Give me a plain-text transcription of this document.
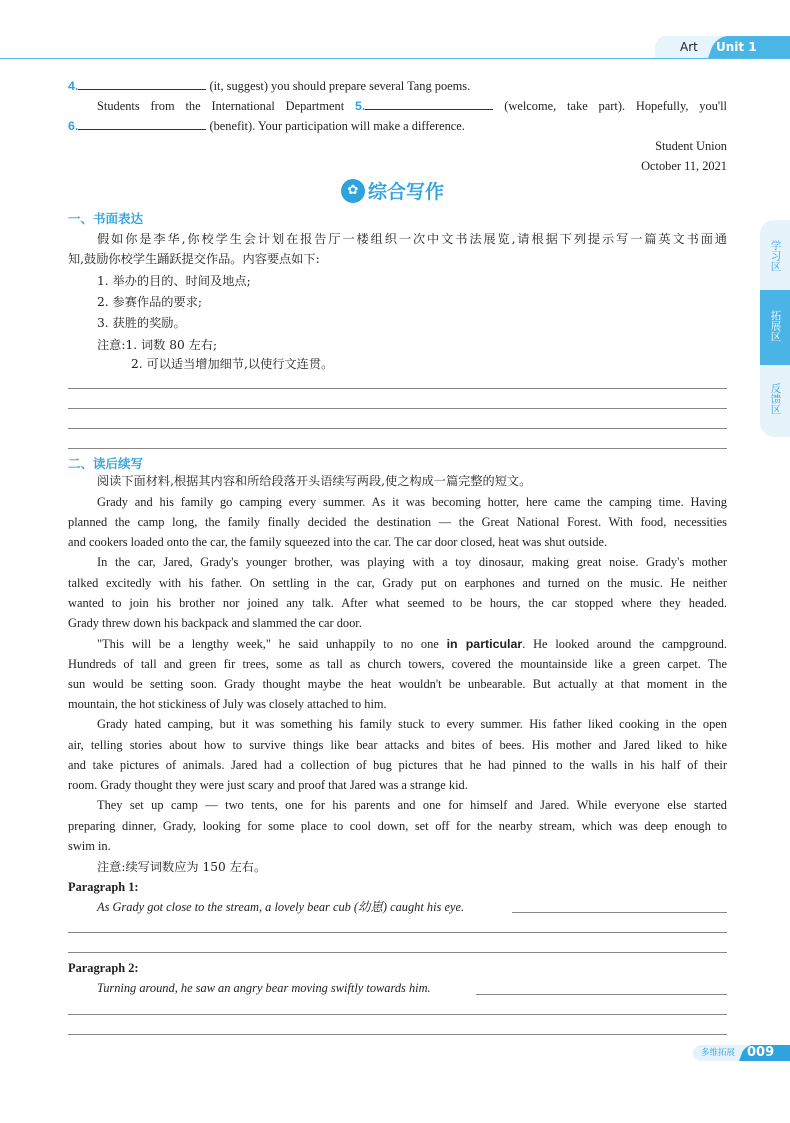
Art Unit 1
学习区
拓展区
反馈区
4.	(it, suggest) you should prepare several Tang poems.
Students from the International Department 5.	(welcome, take part). Hopefully, you'll
6.	(benefit). Your participation will make a difference.
Student Union
October 11, 2021
✿ 综合写作
一、书面表达
假如你是李华,你校学生会计划在报告厅一楼组织一次中文书法展览,请根据下列提示写一篇英文书面通
知,鼓励你校学生踊跃提交作品。内容要点如下:
1. 举办的目的、时间及地点;
2. 参赛作品的要求;
3. 获胜的奖励。
注意:1. 词数 80 左右;
2. 可以适当增加细节,以使行文连贯。
二、读后续写
阅读下面材料,根据其内容和所给段落开头语续写两段,使之构成一篇完整的短文。
Grady and his family go camping every summer. As it was becoming hotter, here came the camping time. Having
planned the camp long, the family finally decided the destination — the Great National Forest. With food, necessities
and cookers loaded onto the car, the family squeezed into the car. The car door closed, heat was shut outside.
In the car, Jared, Grady's younger brother, was playing with a toy dinosaur, making great noise. Grady's mother
talked excitedly with his father. On settling in the car, Grady put on earphones and turned on the music. He neither
wanted to join his brother nor joined any talk. After what seemed to be hours, the car stopped where they headed.
Grady threw down his backpack and slammed the car door.
"This will be a lengthy week," he said unhappily to no one in particular. He looked around the campground.
Hundreds of tall and green fir trees, some as tall as church towers, covered the mountainside like a green carpet. The
sun would be setting soon. Grady thought maybe the heat wouldn't be unbearable. But actually at that moment in the
mountain, the hot stickiness of July was closely attached to him.
Grady hated camping, but it was something his family stuck to every summer. His father liked cooking in the open
air, telling stories about how to survive things like bear attacks and bites of bees. His mother and Jared liked to hike
and take pictures of animals. Jared had a collection of bug pictures that he had pinned to the walls in his half of their
room. Grady thought they were just scary and proof that Jared was a strange kid.
They set up camp — two tents, one for his parents and one for himself and Jared. While everyone else started
preparing dinner, Grady, looking for some place to cool down, set off for the nearby stream, which was deep enough to
swim in.
注意:续写词数应为 150 左右。
Paragraph 1:
As Grady got close to the stream, a lovely bear cub (幼崽) caught his eye.
Paragraph 2:
Turning around, he saw an angry bear moving swiftly towards him.
多维拓展 009
